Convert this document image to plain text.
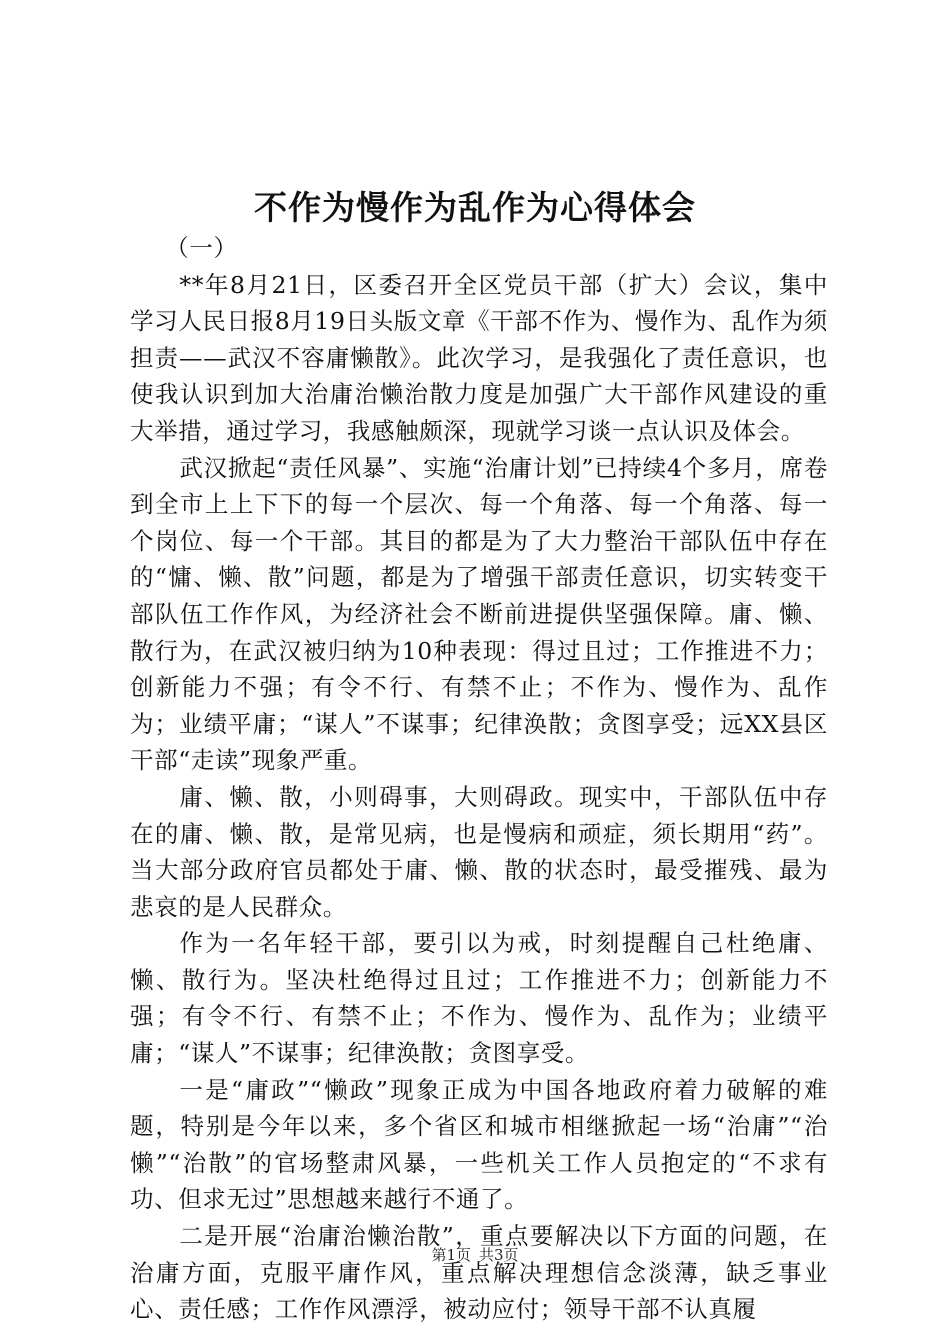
不作为慢作为乱作为心得体会

（一）

**年8月21日，区委召开全区党员干部（扩大）会议，集中学习人民日报8月19日头版文章《干部不作为、慢作为、乱作为须担责——武汉不容庸懒散》。此次学习，是我强化了责任意识，也使我认识到加大治庸治懒治散力度是加强广大干部作风建设的重大举措，通过学习，我感触颇深，现就学习谈一点认识及体会。

武汉掀起“责任风暴”、实施“治庸计划”已持续4个多月，席卷到全市上上下下的每一个层次、每一个角落、每一个角落、每一个岗位、每一个干部。其目的都是为了大力整治干部队伍中存在的“慵、懒、散”问题，都是为了增强干部责任意识，切实转变干部队伍工作作风，为经济社会不断前进提供坚强保障。庸、懒、散行为，在武汉被归纳为10种表现：得过且过；工作推进不力；创新能力不强；有令不行、有禁不止；不作为、慢作为、乱作为；业绩平庸；“谋人”不谋事；纪律涣散；贪图享受；远XX县区干部“走读”现象严重。

庸、懒、散，小则碍事，大则碍政。现实中，干部队伍中存在的庸、懒、散，是常见病，也是慢病和顽症，须长期用“药”。当大部分政府官员都处于庸、懒、散的状态时，最受摧残、最为悲哀的是人民群众。

作为一名年轻干部，要引以为戒，时刻提醒自己杜绝庸、懒、散行为。坚决杜绝得过且过；工作推进不力；创新能力不强；有令不行、有禁不止；不作为、慢作为、乱作为；业绩平庸；“谋人”不谋事；纪律涣散；贪图享受。

一是“庸政”“懒政”现象正成为中国各地政府着力破解的难题，特别是今年以来，多个省区和城市相继掀起一场“治庸”“治懒”“治散”的官场整肃风暴，一些机关工作人员抱定的“不求有功、但求无过”思想越来越行不通了。

二是开展“治庸治懒治散”，重点要解决以下方面的问题，在治庸方面，克服平庸作风，重点解决理想信念淡薄，缺乏事业心、责任感；工作作风漂浮，被动应付；领导干部不认真履

第1页 共3页
